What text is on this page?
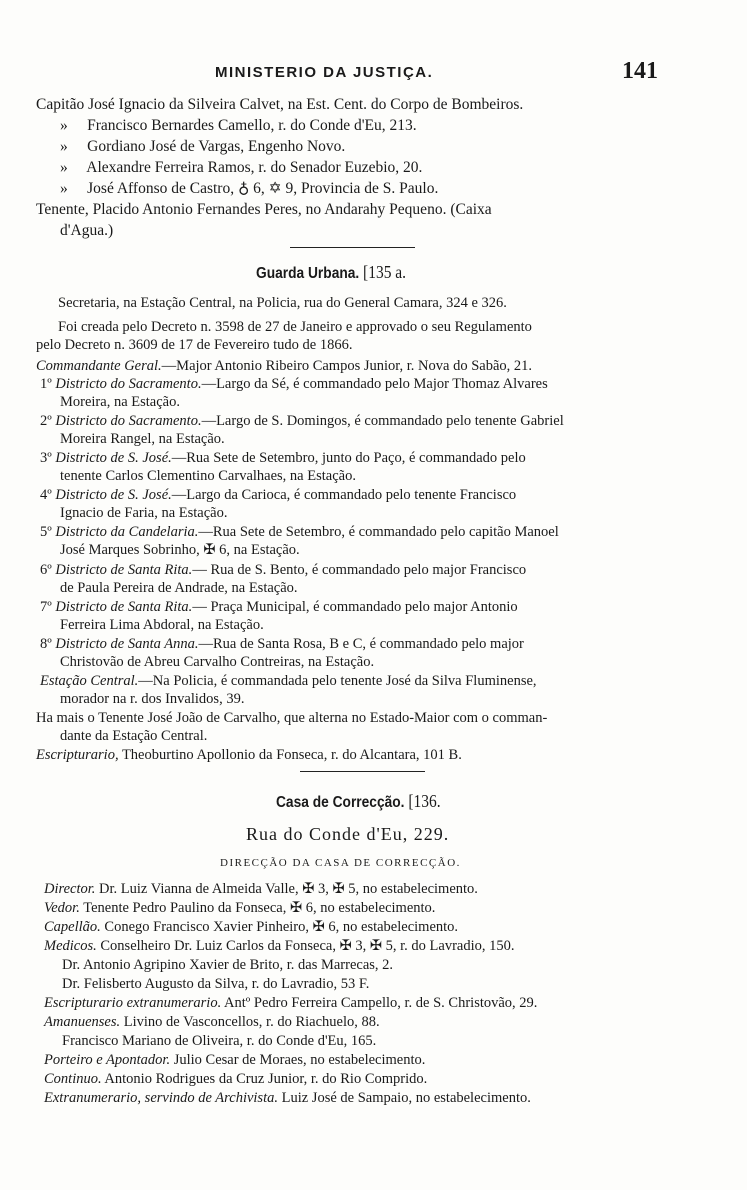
MINISTERIO DA JUSTIÇA.	141
Capitão José Ignacio da Silveira Calvet, na Est. Cent. do Corpo de Bombeiros.
»     Francisco Bernardes Camello, r. do Conde d'Eu, 213.
»     Gordiano José de Vargas, Engenho Novo.
»     Alexandre Ferreira Ramos, r. do Senador Euzebio, 20.
»     José Affonso de Castro, ♁ 6, ✡ 9, Provincia de S. Paulo.
Tenente, Placido Antonio Fernandes Peres, no Andarahy Pequeno. (Caixa
d'Agua.)
Guarda Urbana. [135 a.
Secretaria, na Estação Central, na Policia, rua do General Camara, 324 e 326.
Foi creada pelo Decreto n. 3598 de 27 de Janeiro e approvado o seu Regulamento
pelo Decreto n. 3609 de 17 de Fevereiro tudo de 1866.
Commandante Geral.—Major Antonio Ribeiro Campos Junior, r. Nova do Sabão, 21.
1º Districto do Sacramento.—Largo da Sé, é commandado pelo Major Thomaz Alvares
Moreira, na Estação.
2º Districto do Sacramento.—Largo de S. Domingos, é commandado pelo tenente Gabriel
Moreira Rangel, na Estação.
3º Districto de S. José.—Rua Sete de Setembro, junto do Paço, é commandado pelo
tenente Carlos Clementino Carvalhaes, na Estação.
4º Districto de S. José.—Largo da Carioca, é commandado pelo tenente Francisco
Ignacio de Faria, na Estação.
5º Districto da Candelaria.—Rua Sete de Setembro, é commandado pelo capitão Manoel
José Marques Sobrinho, ✠ 6, na Estação.
6º Districto de Santa Rita.— Rua de S. Bento, é commandado pelo major Francisco
de Paula Pereira de Andrade, na Estação.
7º Districto de Santa Rita.— Praça Municipal, é commandado pelo major Antonio
Ferreira Lima Abdoral, na Estação.
8º Districto de Santa Anna.—Rua de Santa Rosa, B e C, é commandado pelo major
Christovão de Abreu Carvalho Contreiras, na Estação.
Estação Central.—Na Policia, é commandada pelo tenente José da Silva Fluminense,
morador na r. dos Invalidos, 39.
Ha mais o Tenente José João de Carvalho, que alterna no Estado-Maior com o comman-
dante da Estação Central.
Escripturario, Theoburtino Apollonio da Fonseca, r. do Alcantara, 101 B.
Casa de Correcção. [136.
Rua do Conde d'Eu, 229.
DIRECÇÃO DA CASA DE CORRECÇÃO.
Director. Dr. Luiz Vianna de Almeida Valle, ✠ 3, ✠ 5, no estabelecimento.
Vedor. Tenente Pedro Paulino da Fonseca, ✠ 6, no estabelecimento.
Capellão. Conego Francisco Xavier Pinheiro, ✠ 6, no estabelecimento.
Medicos. Conselheiro Dr. Luiz Carlos da Fonseca, ✠ 3, ✠ 5, r. do Lavradio, 150.
Dr. Antonio Agripino Xavier de Brito, r. das Marrecas, 2.
Dr. Felisberto Augusto da Silva, r. do Lavradio, 53 F.
Escripturario extranumerario. Antº Pedro Ferreira Campello, r. de S. Christovão, 29.
Amanuenses. Livino de Vasconcellos, r. do Riachuelo, 88.
Francisco Mariano de Oliveira, r. do Conde d'Eu, 165.
Porteiro e Apontador. Julio Cesar de Moraes, no estabelecimento.
Continuo. Antonio Rodrigues da Cruz Junior, r. do Rio Comprido.
Extranumerario, servindo de Archivista. Luiz José de Sampaio, no estabelecimento.
